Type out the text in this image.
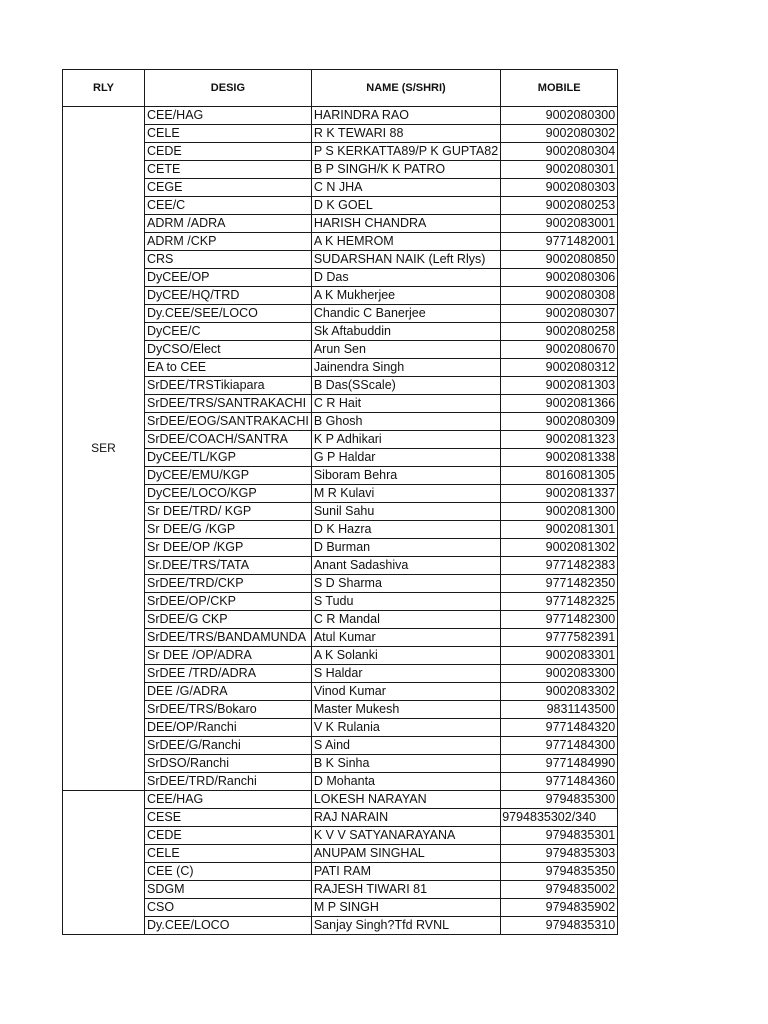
RLY	DESIG	NAME (S/SHRI)	MOBILE
SER	CEE/HAG	HARINDRA RAO	9002080300
	CELE	R K TEWARI 88	9002080302
	CEDE	P S KERKATTA89/P K GUPTA82	9002080304
	CETE	B P SINGH/K K PATRO	9002080301
	CEGE	C N JHA	9002080303
	CEE/C	D K GOEL	9002080253
	ADRM /ADRA	HARISH CHANDRA	9002083001
	ADRM /CKP	A K HEMROM	9771482001
	CRS	SUDARSHAN NAIK (Left Rlys)	9002080850
	DyCEE/OP	D Das	9002080306
	DyCEE/HQ/TRD	A K Mukherjee	9002080308
	Dy.CEE/SEE/LOCO	Chandic C Banerjee	9002080307
	DyCEE/C	Sk Aftabuddin	9002080258
	DyCSO/Elect	Arun Sen	9002080670
	EA to CEE	Jainendra Singh	9002080312
	SrDEE/TRSTikiapara	B Das(SScale)	9002081303
	SrDEE/TRS/SANTRAKACHI	C R Hait	9002081366
	SrDEE/EOG/SANTRAKACHI	B Ghosh	9002080309
	SrDEE/COACH/SANTRA	K P Adhikari	9002081323
	DyCEE/TL/KGP	G P Haldar	9002081338
	DyCEE/EMU/KGP	Siboram Behra	8016081305
	DyCEE/LOCO/KGP	M R Kulavi	9002081337
	Sr DEE/TRD/ KGP	Sunil Sahu	9002081300
	Sr DEE/G /KGP	D K Hazra	9002081301
	Sr DEE/OP /KGP	D Burman	9002081302
	Sr.DEE/TRS/TATA	Anant Sadashiva	9771482383
	SrDEE/TRD/CKP	S D Sharma	9771482350
	SrDEE/OP/CKP	S Tudu	9771482325
	SrDEE/G CKP	C R Mandal	9771482300
	SrDEE/TRS/BANDAMUNDA	Atul Kumar	9777582391
	Sr DEE /OP/ADRA	A K Solanki	9002083301
	SrDEE /TRD/ADRA	S Haldar	9002083300
	DEE /G/ADRA	Vinod Kumar	9002083302
	SrDEE/TRS/Bokaro	Master Mukesh	9831143500
	DEE/OP/Ranchi	V K Rulania	9771484320
	SrDEE/G/Ranchi	S Aind	9771484300
	SrDSO/Ranchi	B K Sinha	9771484990
	SrDEE/TRD/Ranchi	D Mohanta	9771484360
	CEE/HAG	LOKESH NARAYAN	9794835300
	CESE	RAJ NARAIN	9794835302/340
	CEDE	K V V SATYANARAYANA	9794835301
	CELE	ANUPAM SINGHAL	9794835303
	CEE (C)	PATI RAM	9794835350
	SDGM	RAJESH TIWARI 81	9794835002
	CSO	M P SINGH	9794835902
	Dy.CEE/LOCO	Sanjay Singh?Tfd RVNL	9794835310
